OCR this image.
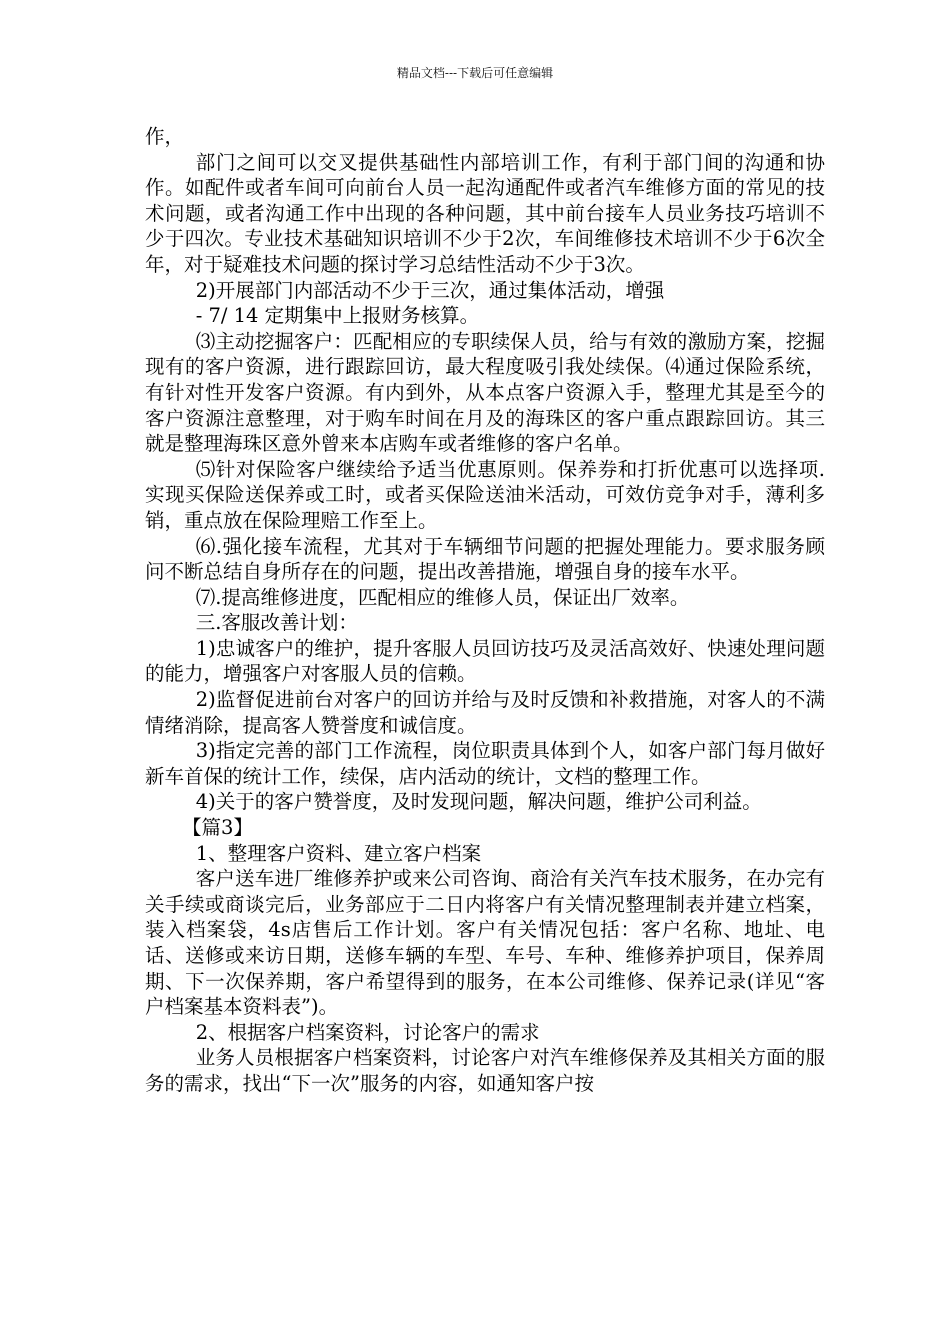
精品文档---下载后可任意编辑

作，

部门之间可以交叉提供基础性内部培训工作，有利于部门间的沟通和协作。如配件或者车间可向前台人员一起沟通配件或者汽车维修方面的常见的技术问题，或者沟通工作中出现的各种问题，其中前台接车人员业务技巧培训不少于四次。专业技术基础知识培训不少于2次，车间维修技术培训不少于6次全年，对于疑难技术问题的探讨学习总结性活动不少于3次。

2)开展部门内部活动不少于三次，通过集体活动，增强

- 7/ 14 定期集中上报财务核算。

⑶主动挖掘客户：匹配相应的专职续保人员，给与有效的激励方案，挖掘现有的客户资源，进行跟踪回访，最大程度吸引我处续保。⑷通过保险系统，有针对性开发客户资源。有内到外，从本点客户资源入手，整理尤其是至今的客户资源注意整理，对于购车时间在月及的海珠区的客户重点跟踪回访。其三就是整理海珠区意外曾来本店购车或者维修的客户名单。

⑸针对保险客户继续给予适当优惠原则。保养券和打折优惠可以选择项.实现买保险送保养或工时，或者买保险送油米活动，可效仿竞争对手，薄利多销，重点放在保险理赔工作至上。

⑹.强化接车流程，尤其对于车辆细节问题的把握处理能力。要求服务顾问不断总结自身所存在的问题，提出改善措施，增强自身的接车水平。

⑺.提高维修进度，匹配相应的维修人员，保证出厂效率。

三.客服改善计划：

1)忠诚客户的维护，提升客服人员回访技巧及灵活高效好、快速处理问题的能力，增强客户对客服人员的信赖。

2)监督促进前台对客户的回访并给与及时反馈和补救措施，对客人的不满情绪消除，提高客人赞誉度和诚信度。

3)指定完善的部门工作流程，岗位职责具体到个人，如客户部门每月做好新车首保的统计工作，续保，店内活动的统计，文档的整理工作。

4)关于的客户赞誉度，及时发现问题，解决问题，维护公司利益。

【篇3】

1、整理客户资料、建立客户档案

客户送车进厂维修养护或来公司咨询、商洽有关汽车技术服务，在办完有关手续或商谈完后，业务部应于二日内将客户有关情况整理制表并建立档案，装入档案袋，4s店售后工作计划。客户有关情况包括：客户名称、地址、电话、送修或来访日期，送修车辆的车型、车号、车种、维修养护项目，保养周期、下一次保养期，客户希望得到的服务，在本公司维修、保养记录(详见“客户档案基本资料表”)。

2、根据客户档案资料，讨论客户的需求

业务人员根据客户档案资料，讨论客户对汽车维修保养及其相关方面的服务的需求，找出“下一次”服务的内容，如通知客户按
